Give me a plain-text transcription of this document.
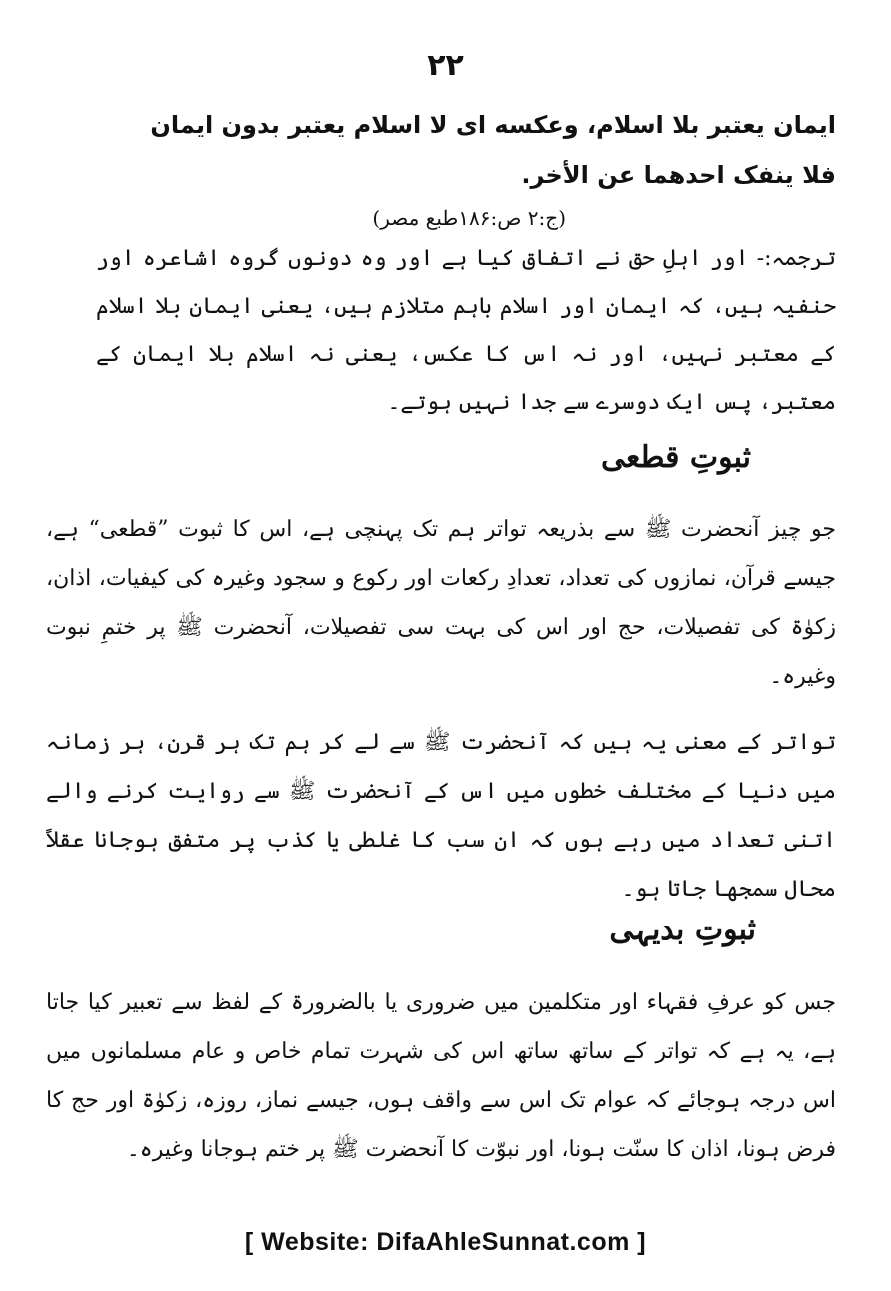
۲۲
ایمان یعتبر بلا اسلام، وعکسه ای لا اسلام یعتبر بدون ایمان فلا ینفک احدهما عن الأخر.
(ج:۲ ص:۱۸۶طبع مصر)
ترجمہ:- اور اہلِ حق نے اتفاق کیا ہے اور وہ دونوں گروہ اشاعرہ اور حنفیہ ہیں، کہ ایمان اور اسلام باہم متلازم ہیں، یعنی ایمان بلا اسلام کے معتبر نہیں، اور نہ اس کا عکس، یعنی نہ اسلام بلا ایمان کے معتبر، پس ایک دوسرے سے جدا نہیں ہوتے۔
ثبوتِ قطعی
جو چیز آنحضرت ﷺ سے بذریعہ تواتر ہم تک پہنچی ہے، اس کا ثبوت ”قطعی“ ہے، جیسے قرآن، نمازوں کی تعداد، تعدادِ رکعات اور رکوع و سجود وغیرہ کی کیفیات، اذان، زکوٰۃ کی تفصیلات، حج اور اس کی بہت سی تفصیلات، آنحضرت ﷺ پر ختمِ نبوت وغیرہ۔
تواتر کے معنی یہ ہیں کہ آنحضرت ﷺ سے لے کر ہم تک ہر قرن، ہر زمانہ میں دنیا کے مختلف خطوں میں اس کے آنحضرت ﷺ سے روایت کرنے والے اتنی تعداد میں رہے ہوں کہ ان سب کا غلطی یا کذب پر متفق ہوجانا عقلاً محال سمجھا جاتا ہو۔
ثبوتِ بدیہی
جس کو عرفِ فقہاء اور متکلمین میں ضروری یا بالضرورۃ کے لفظ سے تعبیر کیا جاتا ہے، یہ ہے کہ تواتر کے ساتھ ساتھ اس کی شہرت تمام خاص و عام مسلمانوں میں اس درجہ ہوجائے کہ عوام تک اس سے واقف ہوں، جیسے نماز، روزہ، زکوٰۃ اور حج کا فرض ہونا، اذان کا سنّت ہونا، اور نبوّت کا آنحضرت ﷺ پر ختم ہوجانا وغیرہ۔
[ Website: DifaAhleSunnat.com ]
